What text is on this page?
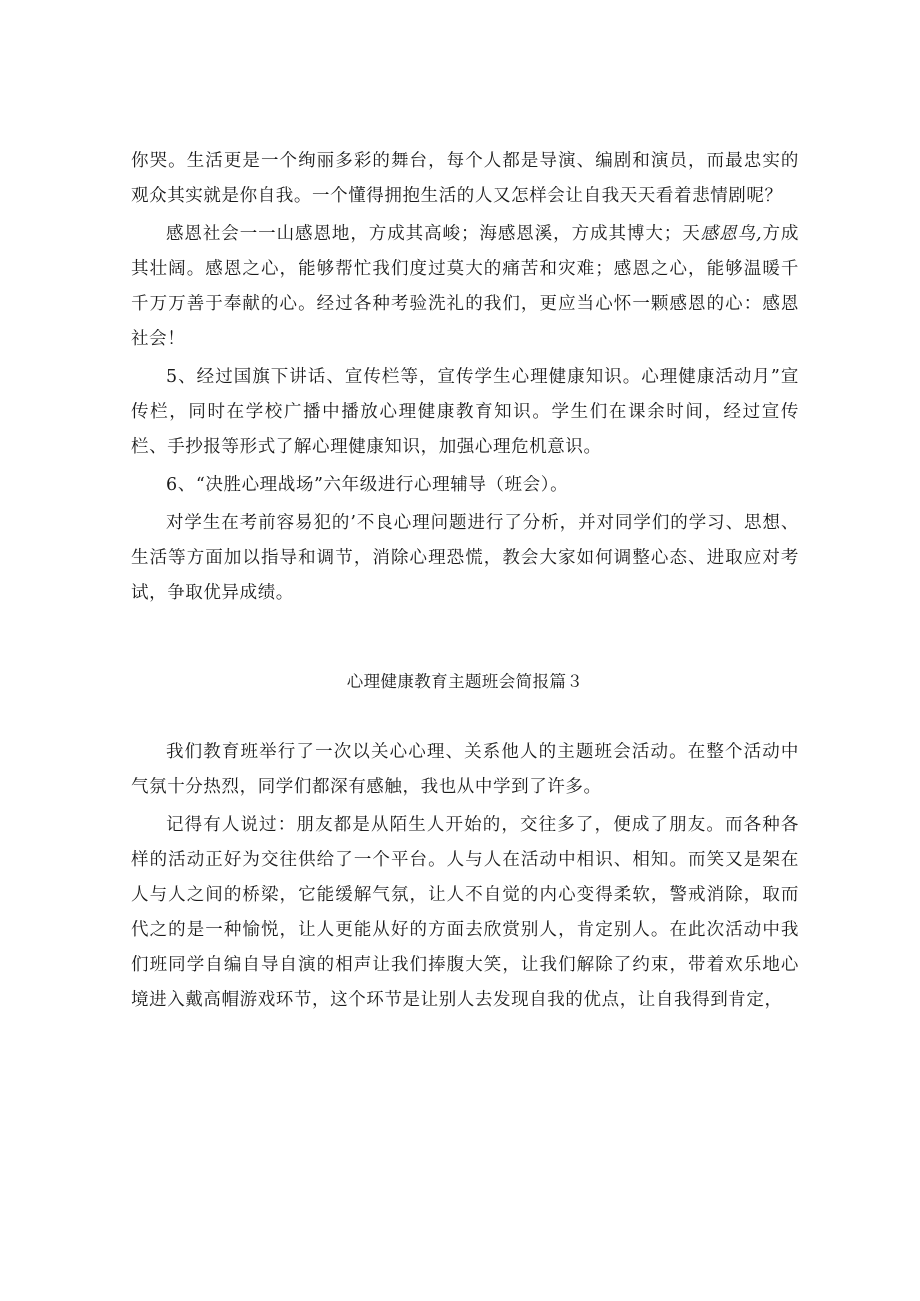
你哭。生活更是一个绚丽多彩的舞台，每个人都是导演、编剧和演员，而最忠实的观众其实就是你自我。一个懂得拥抱生活的人又怎样会让自我天天看着悲情剧呢？

感恩社会一一山感恩地，方成其高峻；海感恩溪，方成其博大；天感恩鸟,方成其壮阔。感恩之心，能够帮忙我们度过莫大的痛苦和灾难；感恩之心，能够温暖千千万万善于奉献的心。经过各种考验洗礼的我们，更应当心怀一颗感恩的心：感恩社会！

5、经过国旗下讲话、宣传栏等，宣传学生心理健康知识。心理健康活动月”宣传栏，同时在学校广播中播放心理健康教育知识。学生们在课余时间，经过宣传栏、手抄报等形式了解心理健康知识，加强心理危机意识。

6、“决胜心理战场”六年级进行心理辅导（班会）。

对学生在考前容易犯的’不良心理问题进行了分析，并对同学们的学习、思想、生活等方面加以指导和调节，消除心理恐慌，教会大家如何调整心态、进取应对考试，争取优异成绩。

心理健康教育主题班会简报篇３

我们教育班举行了一次以关心心理、关系他人的主题班会活动。在整个活动中气氛十分热烈，同学们都深有感触，我也从中学到了许多。

记得有人说过：朋友都是从陌生人开始的，交往多了，便成了朋友。而各种各样的活动正好为交往供给了一个平台。人与人在活动中相识、相知。而笑又是架在人与人之间的桥梁，它能缓解气氛，让人不自觉的内心变得柔软，警戒消除，取而代之的是一种愉悦，让人更能从好的方面去欣赏别人，肯定别人。在此次活动中我们班同学自编自导自演的相声让我们捧腹大笑，让我们解除了约束，带着欢乐地心境进入戴高帽游戏环节，这个环节是让别人去发现自我的优点，让自我得到肯定，
